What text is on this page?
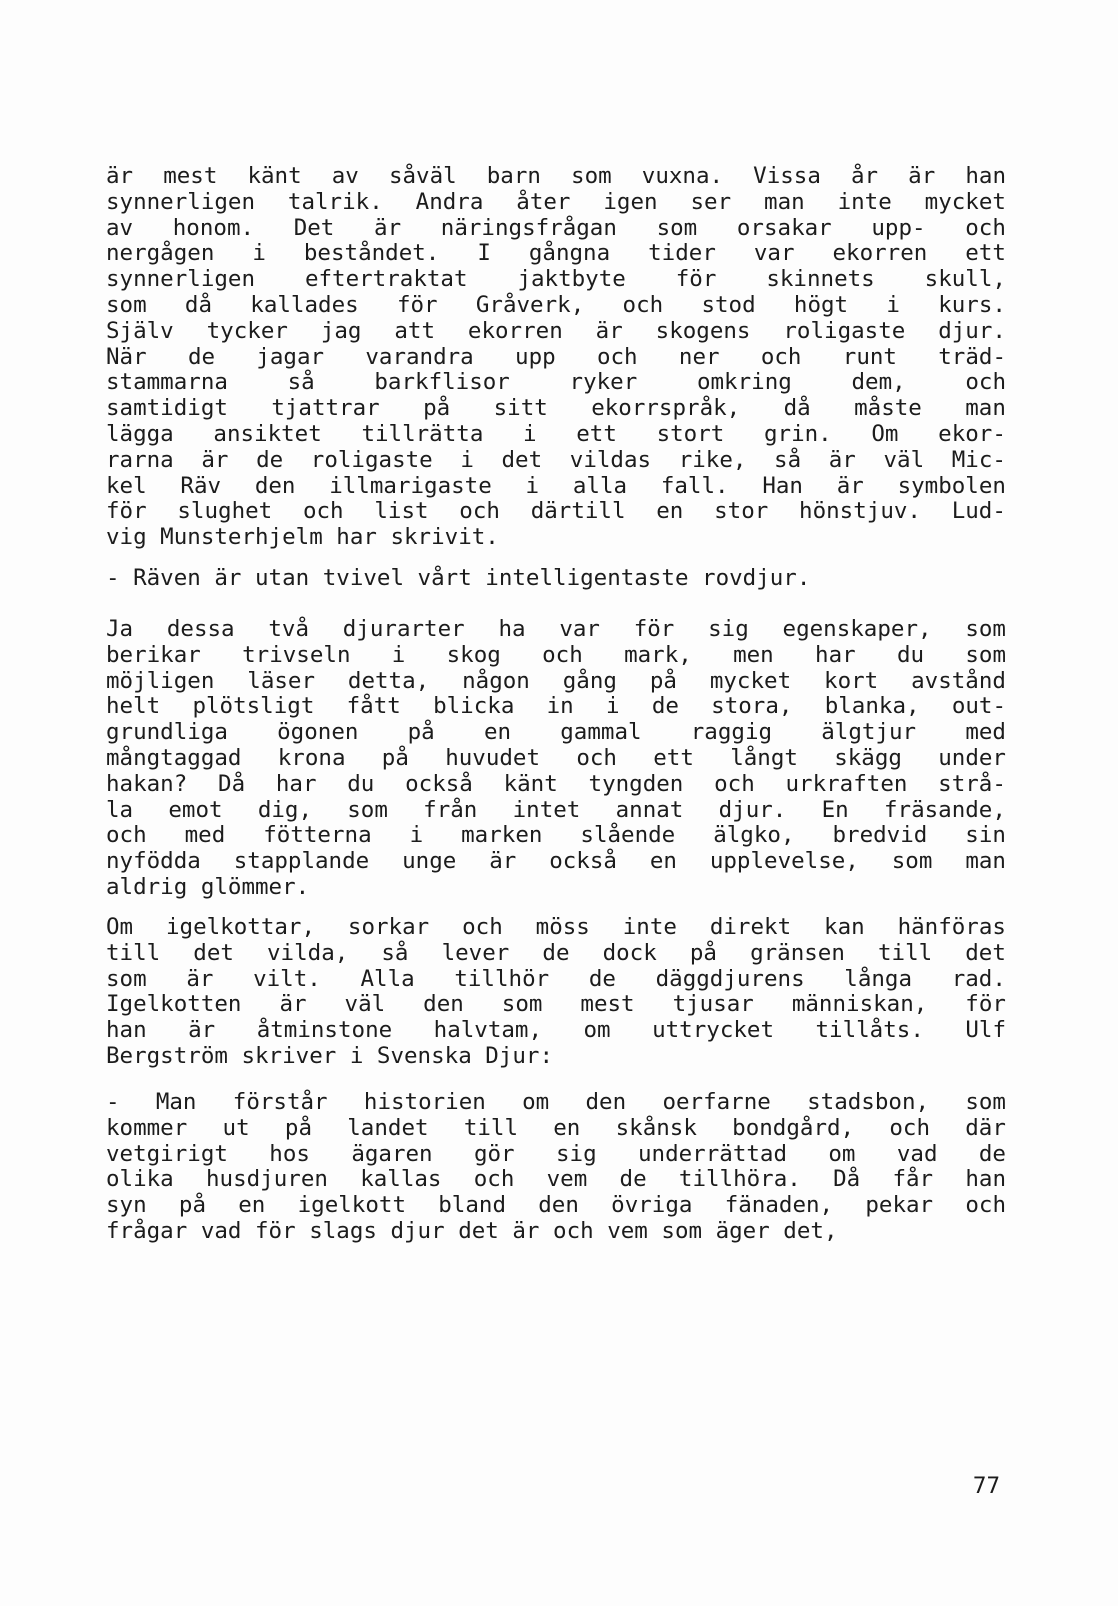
är mest känt av såväl barn som vuxna. Vissa år är han
synnerligen talrik. Andra åter igen ser man inte mycket
av honom. Det är näringsfrågan som orsakar upp- och
nergågen i beståndet. I gångna tider var ekorren ett
synnerligen eftertraktat jaktbyte för skinnets skull,
som då kallades för Gråverk, och stod högt i kurs.
Själv tycker jag att ekorren är skogens roligaste djur.
När de jagar varandra upp och ner och runt träd-
stammarna	så	barkflisor	ryker	omkring	dem,	och
samtidigt tjattrar på sitt ekorrspråk, då måste man
lägga ansiktet tillrätta i ett stort grin. Om ekor-
rarna är de roligaste i det vildas rike, så är väl Mic-
kel Räv den illmarigaste i alla fall. Han är symbolen
för slughet och list och därtill en stor hönstjuv. Lud-
vig Munsterhjelm har skrivit.
- Räven är utan tvivel vårt intelligentaste rovdjur.
Ja dessa två djurarter ha var för sig egenskaper, som
berikar trivseln i skog och mark, men har du som
möjligen läser detta, någon gång på mycket kort avstånd
helt plötsligt fått blicka in i de stora, blanka, out-
grundliga ögonen på en gammal raggig älgtjur med
mångtaggad krona på huvudet och ett långt skägg under
hakan? Då har du också känt tyngden och urkraften strå-
la emot dig, som från intet annat djur. En fräsande,
och med fötterna i marken slående älgko, bredvid sin
nyfödda stapplande unge är också en upplevelse, som man
aldrig glömmer.
Om igelkottar, sorkar och möss inte direkt kan hänföras
till det vilda, så lever de dock på gränsen till det
som är vilt. Alla tillhör de däggdjurens långa rad.
Igelkotten är väl den som mest tjusar människan, för
han är åtminstone halvtam, om uttrycket tillåts. Ulf
Bergström skriver i Svenska Djur:
- Man förstår historien om den oerfarne stadsbon, som
kommer ut på landet till en skånsk bondgård, och där
vetgirigt hos ägaren gör sig underrättad om vad de
olika husdjuren kallas och vem de tillhöra. Då får han
syn på en igelkott bland den övriga fänaden, pekar och
frågar vad för slags djur det är och vem som äger det,
77
